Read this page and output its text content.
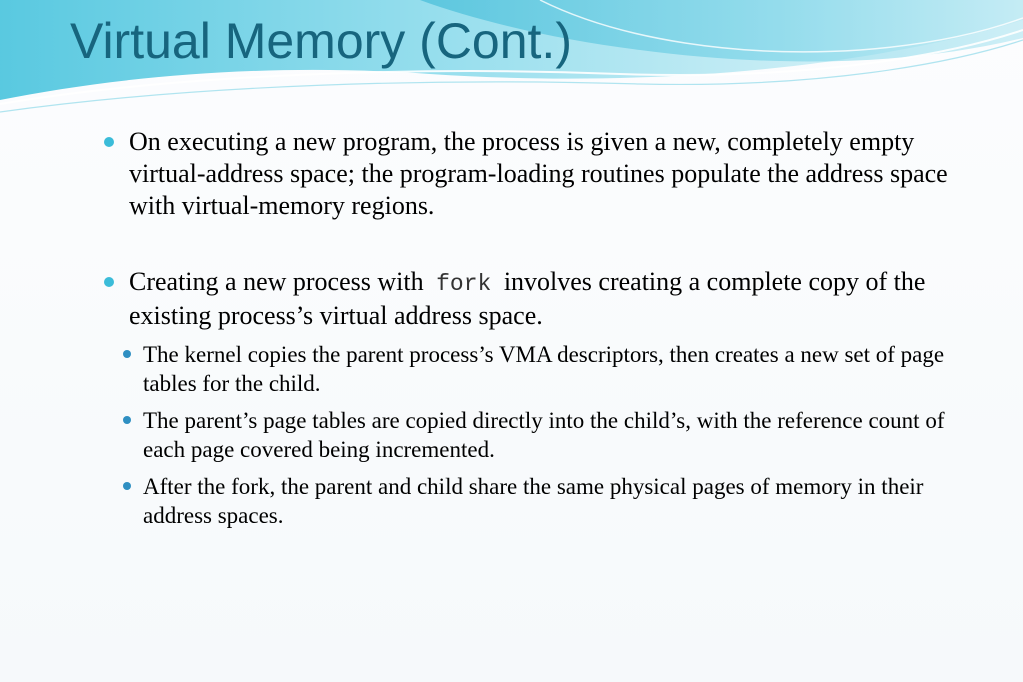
Virtual Memory (Cont.)
On executing a new program, the process is given a new, completely empty virtual-address space; the program-loading routines populate the address space with virtual-memory regions.
Creating a new process with fork involves creating a complete copy of the existing process’s virtual address space.
The kernel copies the parent process’s VMA descriptors, then creates a new set of page tables for the child.
The parent’s page tables are copied directly into the child’s, with the reference count of each page covered being incremented.
After the fork, the parent and child share the same physical pages of memory in their address spaces.
